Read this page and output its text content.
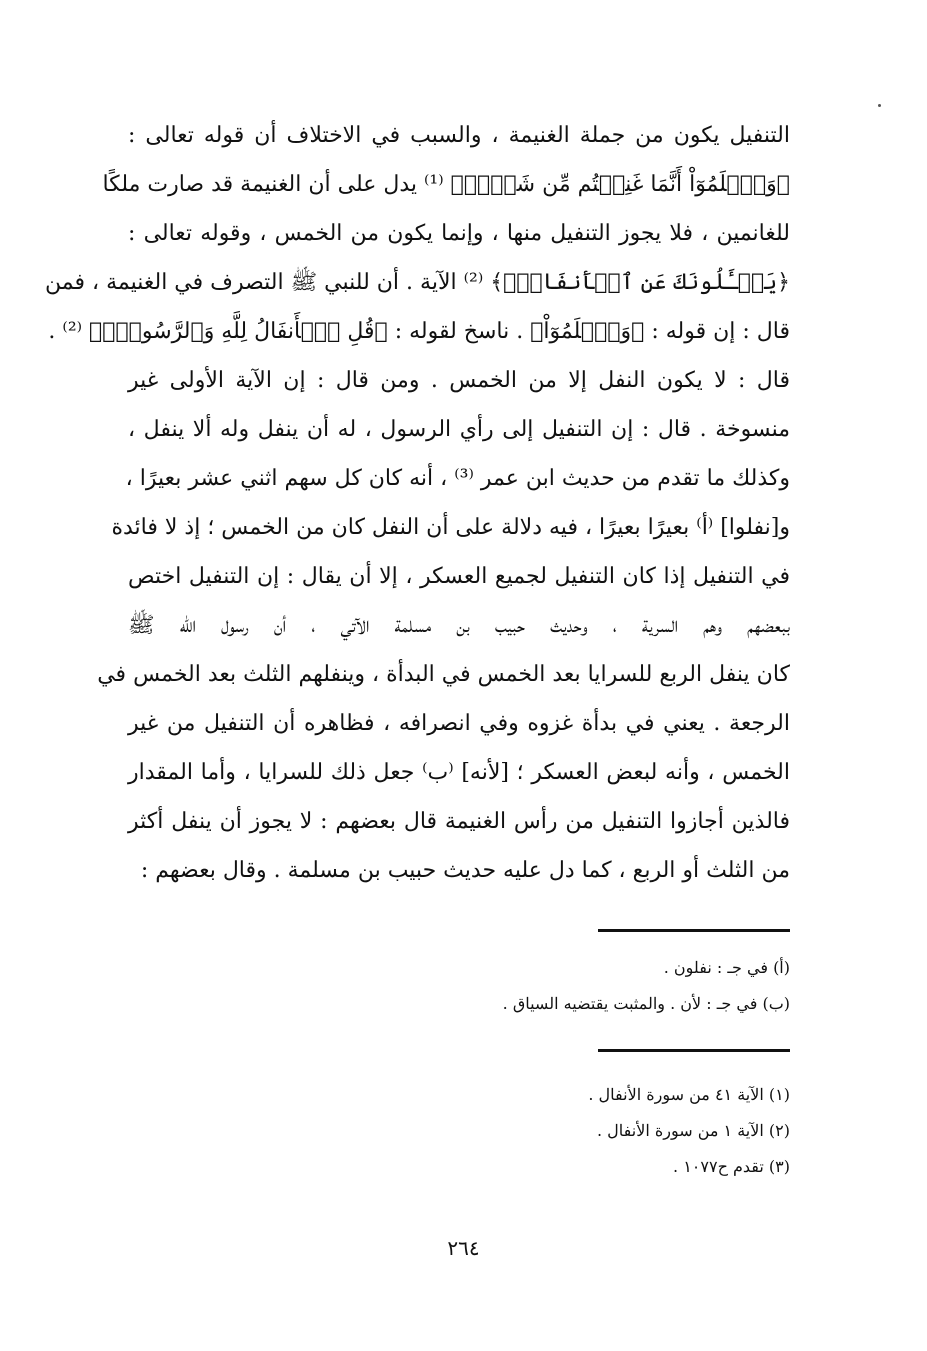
التنفيل يكون من جملة الغنيمة ، والسبب في الاختلاف أن قوله تعالى :
﴿وَٱعۡلَمُوٓاْ أَنَّمَا غَنِمۡتُم مِّن شَيۡءٖ﴾ ⁽¹⁾ يدل على أن الغنيمة قد صارت ملكًا
للغانمين ، فلا يجوز التنفيل منها ، وإنما يكون من الخمس ، وقوله تعالى :
﴿يَسۡـَٔلُونَكَ عَنِ ٱلۡأَنفَالِۖ﴾ ⁽²⁾ الآية . أن للنبي ﷺ التصرف في الغنيمة ، فمن
قال : إن قوله : ﴿وَٱعۡلَمُوٓاْ﴾ . ناسخ لقوله : ﴿قُلِ ٱلۡأَنفَالُ لِلَّهِ وَٱلرَّسُولِۖ﴾ ⁽²⁾ .
قال : لا يكون النفل إلا من الخمس . ومن قال : إن الآية الأولى غير
منسوخة . قال : إن التنفيل إلى رأي الرسول ، له أن ينفل وله ألا ينفل ،
وكذلك ما تقدم من حديث ابن عمر ⁽³⁾ ، أنه كان كل سهم اثني عشر بعيرًا ،
و[نفلوا] ⁽أ⁾ بعيرًا بعيرًا ، فيه دلالة على أن النفل كان من الخمس ؛ إذ لا فائدة
في التنفيل إذا كان التنفيل لجميع العسكر ، إلا أن يقال : إن التنفيل اختص
ببعضهم وهم السرية ، وحديث حبيب بن مسلمة الآتي ، أن رسول الله ﷺ
كان ينفل الربع للسرايا بعد الخمس في البدأة ، وينفلهم الثلث بعد الخمس في
الرجعة . يعني في بدأة غزوه وفي انصرافه ، فظاهره أن التنفيل من غير
الخمس ، وأنه لبعض العسكر ؛ [لأنه] ⁽ب⁾ جعل ذلك للسرايا ، وأما المقدار
فالذين أجازوا التنفيل من رأس الغنيمة قال بعضهم : لا يجوز أن ينفل أكثر
من الثلث أو الربع ، كما دل عليه حديث حبيب بن مسلمة . وقال بعضهم :
(أ) في جـ : نفلون .
(ب) في جـ : لأن . والمثبت يقتضيه السياق .
(١) الآية ٤١ من سورة الأنفال .
(٢) الآية ١ من سورة الأنفال .
(٣) تقدم ح١٠٧٧ .
٢٦٤
